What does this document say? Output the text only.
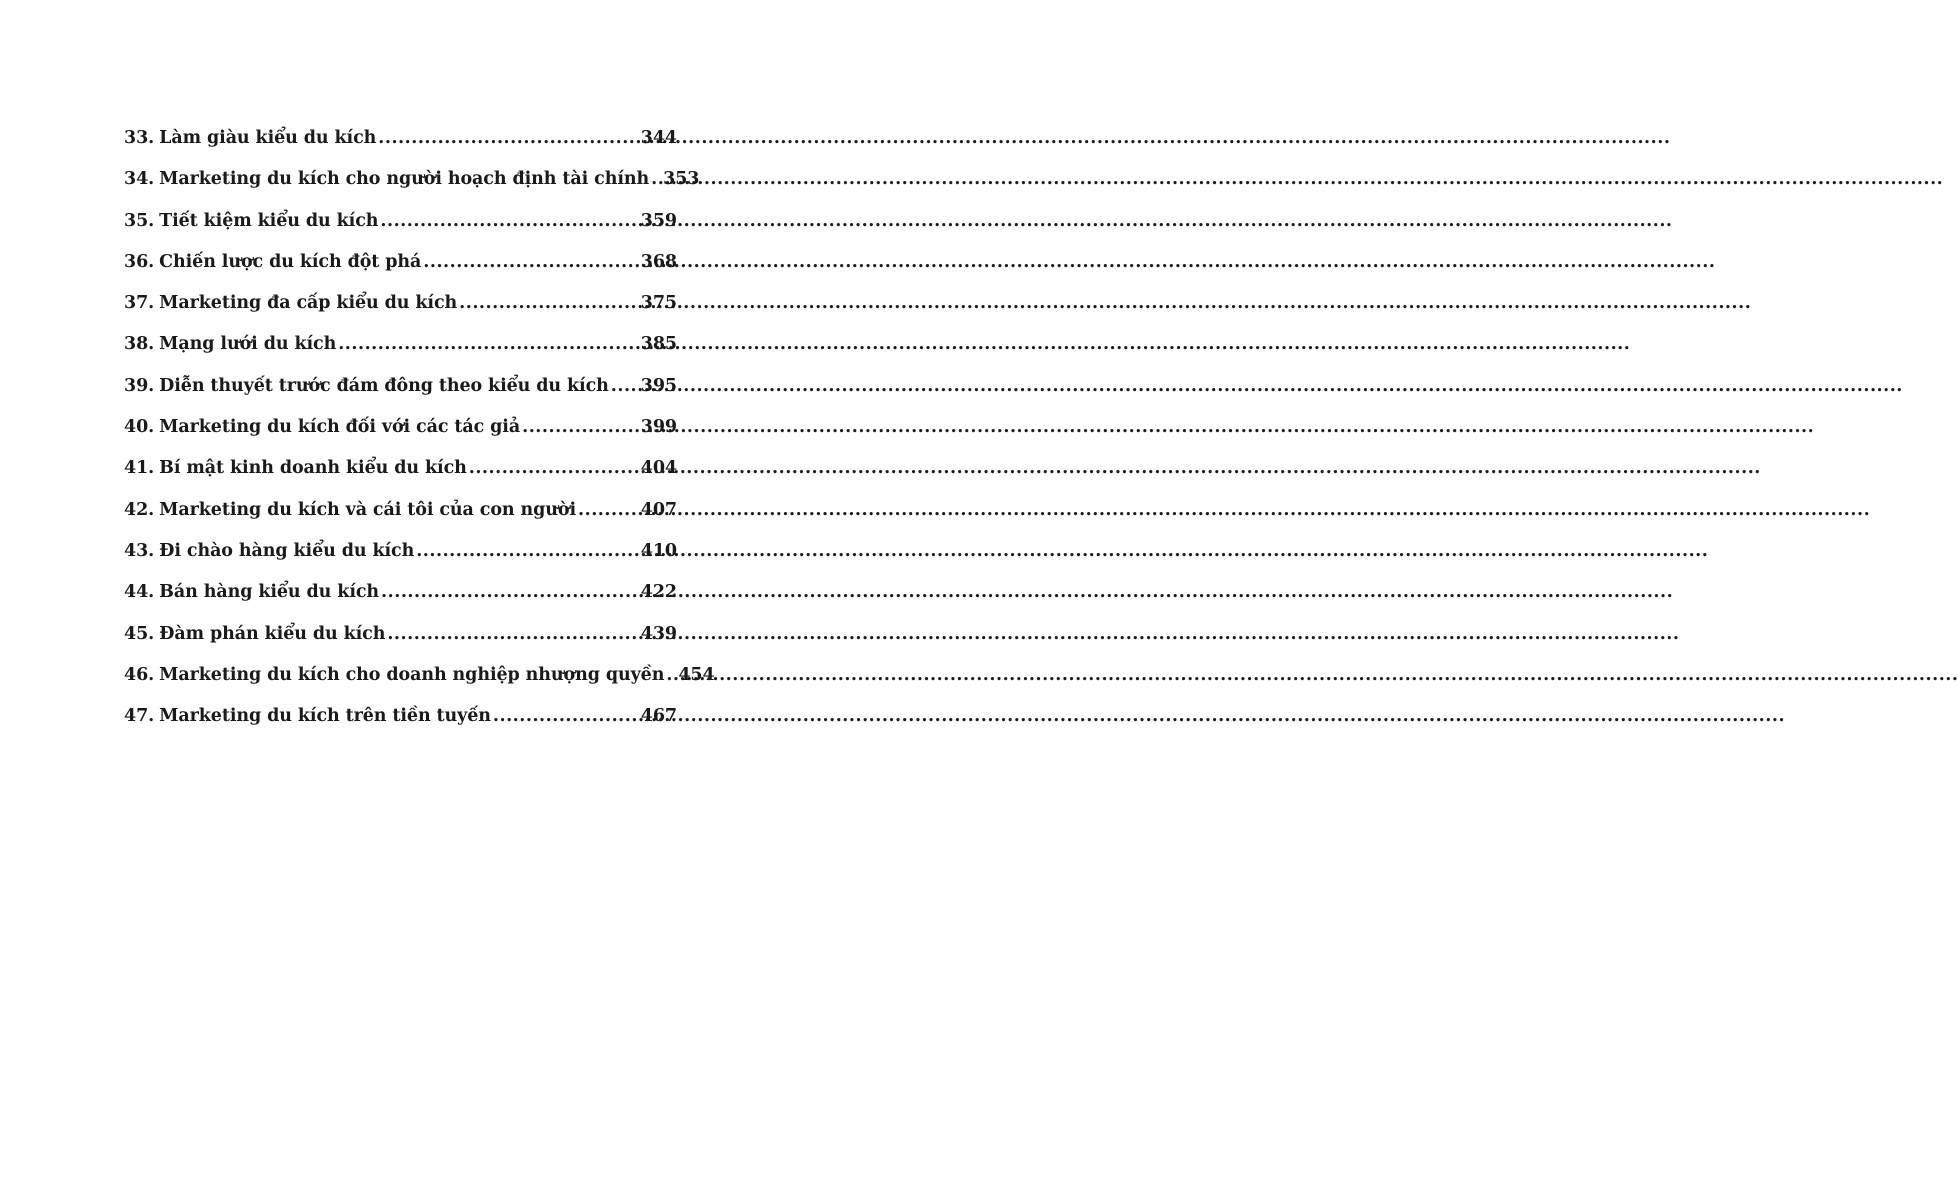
33. Làm giàu kiểu du kích .....	344
34. Marketing du kích cho người hoạch định tài chính ..... 353
35. Tiết kiệm kiểu du kích .....	359
36. Chiến lược du kích đột phá .....	368
37. Marketing đa cấp kiểu du kích .....	375
38. Mạng lưới du kích .....	385
39. Diễn thuyết trước đám đông theo kiểu du kích ..... 395
40. Marketing du kích đối với các tác giả .....	399
41. Bí mật kinh doanh kiểu du kích .....	404
42. Marketing du kích và cái tôi của con người .....	407
43. Đi chào hàng kiểu du kích .....	410
44. Bán hàng kiểu du kích .....	422
45. Đàm phán kiểu du kích .....	439
46. Marketing du kích cho doanh nghiệp nhượng quyền ..... 454
47. Marketing du kích trên tiền tuyến .....	467
